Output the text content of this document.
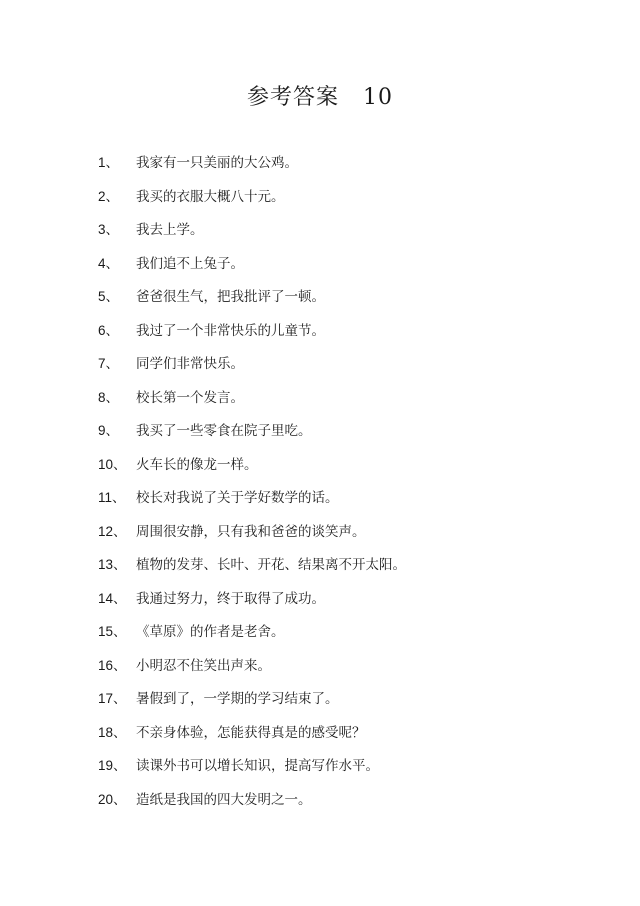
参考答案   10
1、 我家有一只美丽的大公鸡。
2、 我买的衣服大概八十元。
3、 我去上学。
4、 我们追不上兔子。
5、 爸爸很生气，把我批评了一顿。
6、 我过了一个非常快乐的儿童节。
7、 同学们非常快乐。
8、 校长第一个发言。
9、 我买了一些零食在院子里吃。
10、 火车长的像龙一样。
11、 校长对我说了关于学好数学的话。
12、 周围很安静，只有我和爸爸的谈笑声。
13、 植物的发芽、长叶、开花、结果离不开太阳。
14、 我通过努力，终于取得了成功。
15、 《草原》的作者是老舍。
16、 小明忍不住笑出声来。
17、 暑假到了，一学期的学习结束了。
18、 不亲身体验，怎能获得真是的感受呢？
19、 读课外书可以增长知识，提高写作水平。
20、 造纸是我国的四大发明之一。
